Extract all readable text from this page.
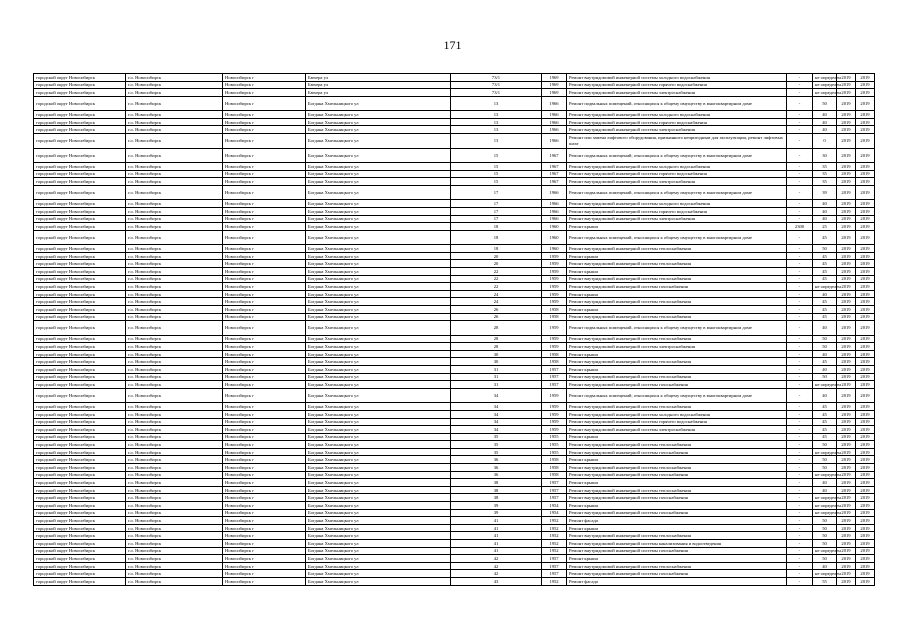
171
городской округ Новосибирск	г.о. Новосибирск	Новосибирск г	Бюхера ул	73/1	1969	Ремонт внутридомовой инженерной системы холодного водоснабжения	-	не определен	2019	2019
городской округ Новосибирск	г.о. Новосибирск	Новосибирск г	Бюхера ул	73/1	1969	Ремонт внутридомовой инженерной системы горячего водоснабжения	-	не определен	2019	2019
городской округ Новосибирск	г.о. Новосибирск	Новосибирск г	Бюхера ул	73/1	1969	Ремонт внутридомовой инженерной системы электроснабжения	-	не определен	2019	2019
городской округ Новосибирск	г.о. Новосибирск	Новосибирск г	Богдана Хмельницкого ул	13	1966	Ремонт подвальных помещений, относящихся к общему имуществу в многоквартирном доме	-	50	2019	2019
городской округ Новосибирск	г.о. Новосибирск	Новосибирск г	Богдана Хмельницкого ул	13	1966	Ремонт внутридомовой инженерной системы холодного водоснабжения	-	40	2019	2019
городской округ Новосибирск	г.о. Новосибирск	Новосибирск г	Богдана Хмельницкого ул	13	1966	Ремонт внутридомовой инженерной системы горячего водоснабжения	-	40	2019	2019
городской округ Новосибирск	г.о. Новосибирск	Новосибирск г	Богдана Хмельницкого ул	13	1966	Ремонт внутридомовой инженерной системы электроснабжения	-	40	2019	2019
городской округ Новосибирск	г.о. Новосибирск	Новосибирск г	Богдана Хмельницкого ул	13	1966	Ремонт или замена лифтового оборудования, признанного непригодным для эксплуатации, ремонт лифтовых шахт	-	0	2019	2019
городской округ Новосибирск	г.о. Новосибирск	Новосибирск г	Богдана Хмельницкого ул	15	1967	Ремонт подвальных помещений, относящихся к общему имуществу в многоквартирном доме	-	30	2019	2019
городской округ Новосибирск	г.о. Новосибирск	Новосибирск г	Богдана Хмельницкого ул	15	1967	Ремонт внутридомовой инженерной системы холодного водоснабжения	-	35	2019	2019
городской округ Новосибирск	г.о. Новосибирск	Новосибирск г	Богдана Хмельницкого ул	15	1967	Ремонт внутридомовой инженерной системы горячего водоснабжения	-	35	2019	2019
городской округ Новосибирск	г.о. Новосибирск	Новосибирск г	Богдана Хмельницкого ул	15	1967	Ремонт внутридомовой инженерной системы электроснабжения	-	35	2019	2019
городской округ Новосибирск	г.о. Новосибирск	Новосибирск г	Богдана Хмельницкого ул	17	1966	Ремонт подвальных помещений, относящихся к общему имуществу в многоквартирном доме	-	39	2019	2019
городской округ Новосибирск	г.о. Новосибирск	Новосибирск г	Богдана Хмельницкого ул	17	1966	Ремонт внутридомовой инженерной системы холодного водоснабжения	-	40	2019	2019
городской округ Новосибирск	г.о. Новосибирск	Новосибирск г	Богдана Хмельницкого ул	17	1966	Ремонт внутридомовой инженерной системы горячего водоснабжения	-	40	2019	2019
городской округ Новосибирск	г.о. Новосибирск	Новосибирск г	Богдана Хмельницкого ул	17	1966	Ремонт внутридомовой инженерной системы электроснабжения	-	40	2019	2019
городской округ Новосибирск	г.о. Новосибирск	Новосибирск г	Богдана Хмельницкого ул	18	1960	Ремонт крыши	2300	25	2019	2019
городской округ Новосибирск	г.о. Новосибирск	Новосибирск г	Богдана Хмельницкого ул	18	1960	Ремонт подвальных помещений, относящихся к общему имуществу в многоквартирном доме	-	45	2019	2019
городской округ Новосибирск	г.о. Новосибирск	Новосибирск г	Богдана Хмельницкого ул	18	1960	Ремонт внутридомовой инженерной системы теплоснабжения	-	50	2019	2019
городской округ Новосибирск	г.о. Новосибирск	Новосибирск г	Богдана Хмельницкого ул	20	1959	Ремонт крыши	-	45	2019	2019
городской округ Новосибирск	г.о. Новосибирск	Новосибирск г	Богдана Хмельницкого ул	20	1959	Ремонт внутридомовой инженерной системы теплоснабжения	-	45	2019	2019
городской округ Новосибирск	г.о. Новосибирск	Новосибирск г	Богдана Хмельницкого ул	22	1959	Ремонт крыши	-	45	2019	2019
городской округ Новосибирск	г.о. Новосибирск	Новосибирск г	Богдана Хмельницкого ул	22	1959	Ремонт внутридомовой инженерной системы теплоснабжения	-	45	2019	2019
городской округ Новосибирск	г.о. Новосибирск	Новосибирск г	Богдана Хмельницкого ул	22	1959	Ремонт внутридомовой инженерной системы газоснабжения	-	не определен	2019	2019
городской округ Новосибирск	г.о. Новосибирск	Новосибирск г	Богдана Хмельницкого ул	24	1959	Ремонт крыши	-	40	2019	2019
городской округ Новосибирск	г.о. Новосибирск	Новосибирск г	Богдана Хмельницкого ул	24	1959	Ремонт внутридомовой инженерной системы теплоснабжения	-	45	2019	2019
городской округ Новосибирск	г.о. Новосибирск	Новосибирск г	Богдана Хмельницкого ул	26	1958	Ремонт крыши	-	45	2019	2019
городской округ Новосибирск	г.о. Новосибирск	Новосибирск г	Богдана Хмельницкого ул	26	1958	Ремонт внутридомовой инженерной системы теплоснабжения	-	45	2019	2019
городской округ Новосибирск	г.о. Новосибирск	Новосибирск г	Богдана Хмельницкого ул	28	1959	Ремонт подвальных помещений, относящихся к общему имуществу в многоквартирном доме	-	40	2019	2019
городской округ Новосибирск	г.о. Новосибирск	Новосибирск г	Богдана Хмельницкого ул	28	1959	Ремонт внутридомовой инженерной системы теплоснабжения	-	50	2019	2019
городской округ Новосибирск	г.о. Новосибирск	Новосибирск г	Богдана Хмельницкого ул	28	1959	Ремонт внутридомовой инженерной системы электроснабжения	-	50	2019	2019
городской округ Новосибирск	г.о. Новосибирск	Новосибирск г	Богдана Хмельницкого ул	30	1958	Ремонт крыши	-	40	2019	2019
городской округ Новосибирск	г.о. Новосибирск	Новосибирск г	Богдана Хмельницкого ул	30	1958	Ремонт внутридомовой инженерной системы теплоснабжения	-	45	2019	2019
городской округ Новосибирск	г.о. Новосибирск	Новосибирск г	Богдана Хмельницкого ул	31	1957	Ремонт крыши	-	40	2019	2019
городской округ Новосибирск	г.о. Новосибирск	Новосибирск г	Богдана Хмельницкого ул	31	1957	Ремонт внутридомовой инженерной системы теплоснабжения	-	50	2019	2019
городской округ Новосибирск	г.о. Новосибирск	Новосибирск г	Богдана Хмельницкого ул	31	1957	Ремонт внутридомовой инженерной системы газоснабжения	-	не определен	2019	2019
городской округ Новосибирск	г.о. Новосибирск	Новосибирск г	Богдана Хмельницкого ул	34	1959	Ремонт подвальных помещений, относящихся к общему имуществу в многоквартирном доме	-	40	2019	2019
городской округ Новосибирск	г.о. Новосибирск	Новосибирск г	Богдана Хмельницкого ул	34	1959	Ремонт внутридомовой инженерной системы теплоснабжения	-	45	2019	2019
городской округ Новосибирск	г.о. Новосибирск	Новосибирск г	Богдана Хмельницкого ул	34	1959	Ремонт внутридомовой инженерной системы холодного водоснабжения	-	45	2019	2019
городской округ Новосибирск	г.о. Новосибирск	Новосибирск г	Богдана Хмельницкого ул	34	1959	Ремонт внутридомовой инженерной системы горячего водоснабжения	-	45	2019	2019
городской округ Новосибирск	г.о. Новосибирск	Новосибирск г	Богдана Хмельницкого ул	34	1959	Ремонт внутридомовой инженерной системы электроснабжения	-	45	2019	2019
городской округ Новосибирск	г.о. Новосибирск	Новосибирск г	Богдана Хмельницкого ул	35	1955	Ремонт крыши	-	45	2019	2019
городской округ Новосибирск	г.о. Новосибирск	Новосибирск г	Богдана Хмельницкого ул	35	1955	Ремонт внутридомовой инженерной системы теплоснабжения	-	50	2019	2019
городской округ Новосибирск	г.о. Новосибирск	Новосибирск г	Богдана Хмельницкого ул	35	1955	Ремонт внутридомовой инженерной системы газоснабжения	-	не определен	2019	2019
городской округ Новосибирск	г.о. Новосибирск	Новосибирск г	Богдана Хмельницкого ул	36	1958	Ремонт крыши	-	50	2019	2019
городской округ Новосибирск	г.о. Новосибирск	Новосибирск г	Богдана Хмельницкого ул	36	1958	Ремонт внутридомовой инженерной системы теплоснабжения	-	50	2019	2019
городской округ Новосибирск	г.о. Новосибирск	Новосибирск г	Богдана Хмельницкого ул	36	1958	Ремонт внутридомовой инженерной системы газоснабжения	-	не определен	2019	2019
городской округ Новосибирск	г.о. Новосибирск	Новосибирск г	Богдана Хмельницкого ул	38	1957	Ремонт крыши	-	40	2019	2019
городской округ Новосибирск	г.о. Новосибирск	Новосибирск г	Богдана Хмельницкого ул	38	1957	Ремонт внутридомовой инженерной системы теплоснабжения	-	40	2019	2019
городской округ Новосибирск	г.о. Новосибирск	Новосибирск г	Богдана Хмельницкого ул	38	1957	Ремонт внутридомовой инженерной системы газоснабжения	-	не определен	2019	2019
городской округ Новосибирск	г.о. Новосибирск	Новосибирск г	Богдана Хмельницкого ул	39	1954	Ремонт крыши	-	не определен	2019	2019
городской округ Новосибирск	г.о. Новосибирск	Новосибирск г	Богдана Хмельницкого ул	39	1954	Ремонт внутридомовой инженерной системы газоснабжения	-	не определен	2019	2019
городской округ Новосибирск	г.о. Новосибирск	Новосибирск г	Богдана Хмельницкого ул	41	1952	Ремонт фасада	-	50	2019	2019
городской округ Новосибирск	г.о. Новосибирск	Новосибирск г	Богдана Хмельницкого ул	41	1952	Ремонт крыши	-	50	2019	2019
городской округ Новосибирск	г.о. Новосибирск	Новосибирск г	Богдана Хмельницкого ул	41	1952	Ремонт внутридомовой инженерной системы теплоснабжения	-	50	2019	2019
городской округ Новосибирск	г.о. Новосибирск	Новосибирск г	Богдана Хмельницкого ул	41	1952	Ремонт внутридомовой инженерной системы канализования и водоотведения	-	50	2019	2019
городской округ Новосибирск	г.о. Новосибирск	Новосибирск г	Богдана Хмельницкого ул	41	1952	Ремонт внутридомовой инженерной системы газоснабжения	-	не определен	2019	2019
городской округ Новосибирск	г.о. Новосибирск	Новосибирск г	Богдана Хмельницкого ул	42	1957	Ремонт крыши	-	50	2019	2019
городской округ Новосибирск	г.о. Новосибирск	Новосибирск г	Богдана Хмельницкого ул	42	1957	Ремонт внутридомовой инженерной системы теплоснабжения	-	40	2019	2019
городской округ Новосибирск	г.о. Новосибирск	Новосибирск г	Богдана Хмельницкого ул	42	1957	Ремонт внутридомовой инженерной системы газоснабжения	-	не определен	2019	2019
городской округ Новосибирск	г.о. Новосибирск	Новосибирск г	Богдана Хмельницкого ул	43	1952	Ремонт фасада	-	55	2019	2019
